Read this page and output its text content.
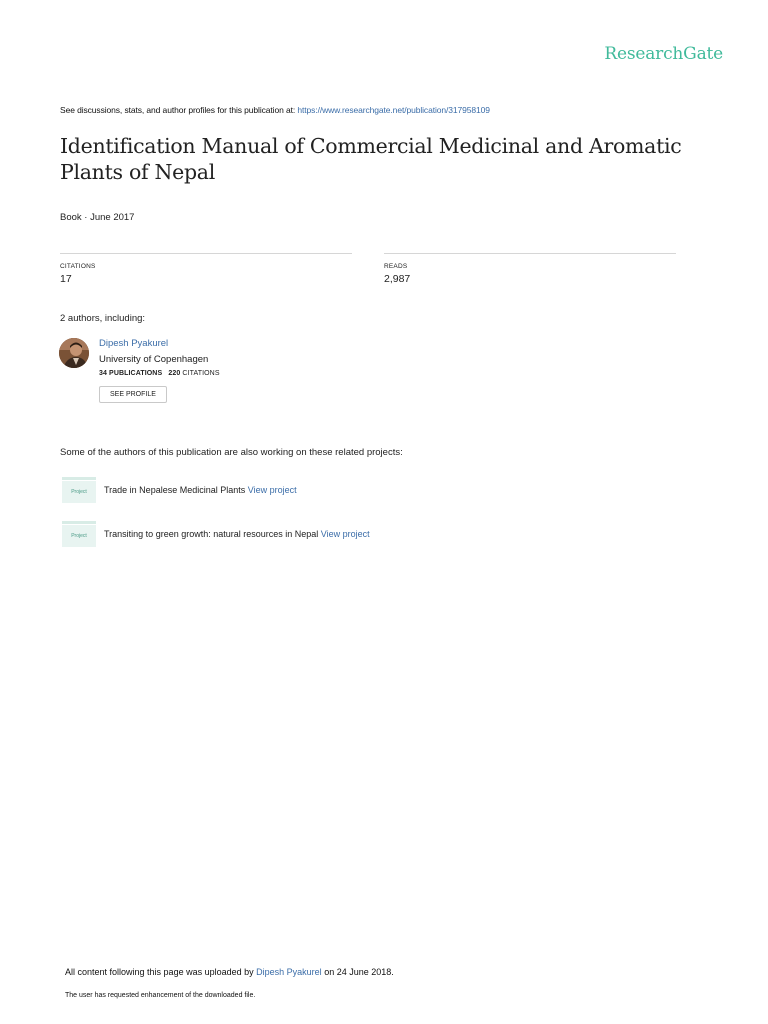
ResearchGate
See discussions, stats, and author profiles for this publication at: https://www.researchgate.net/publication/317958109
Identification Manual of Commercial Medicinal and Aromatic Plants of Nepal
Book · June 2017
CITATIONS
17
READS
2,987
2 authors, including:
Dipesh Pyakurel
University of Copenhagen
34 PUBLICATIONS 220 CITATIONS
SEE PROFILE
Some of the authors of this publication are also working on these related projects:
Project	Trade in Nepalese Medicinal Plants View project
Project	Transiting to green growth: natural resources in Nepal View project
All content following this page was uploaded by Dipesh Pyakurel on 24 June 2018.
The user has requested enhancement of the downloaded file.
